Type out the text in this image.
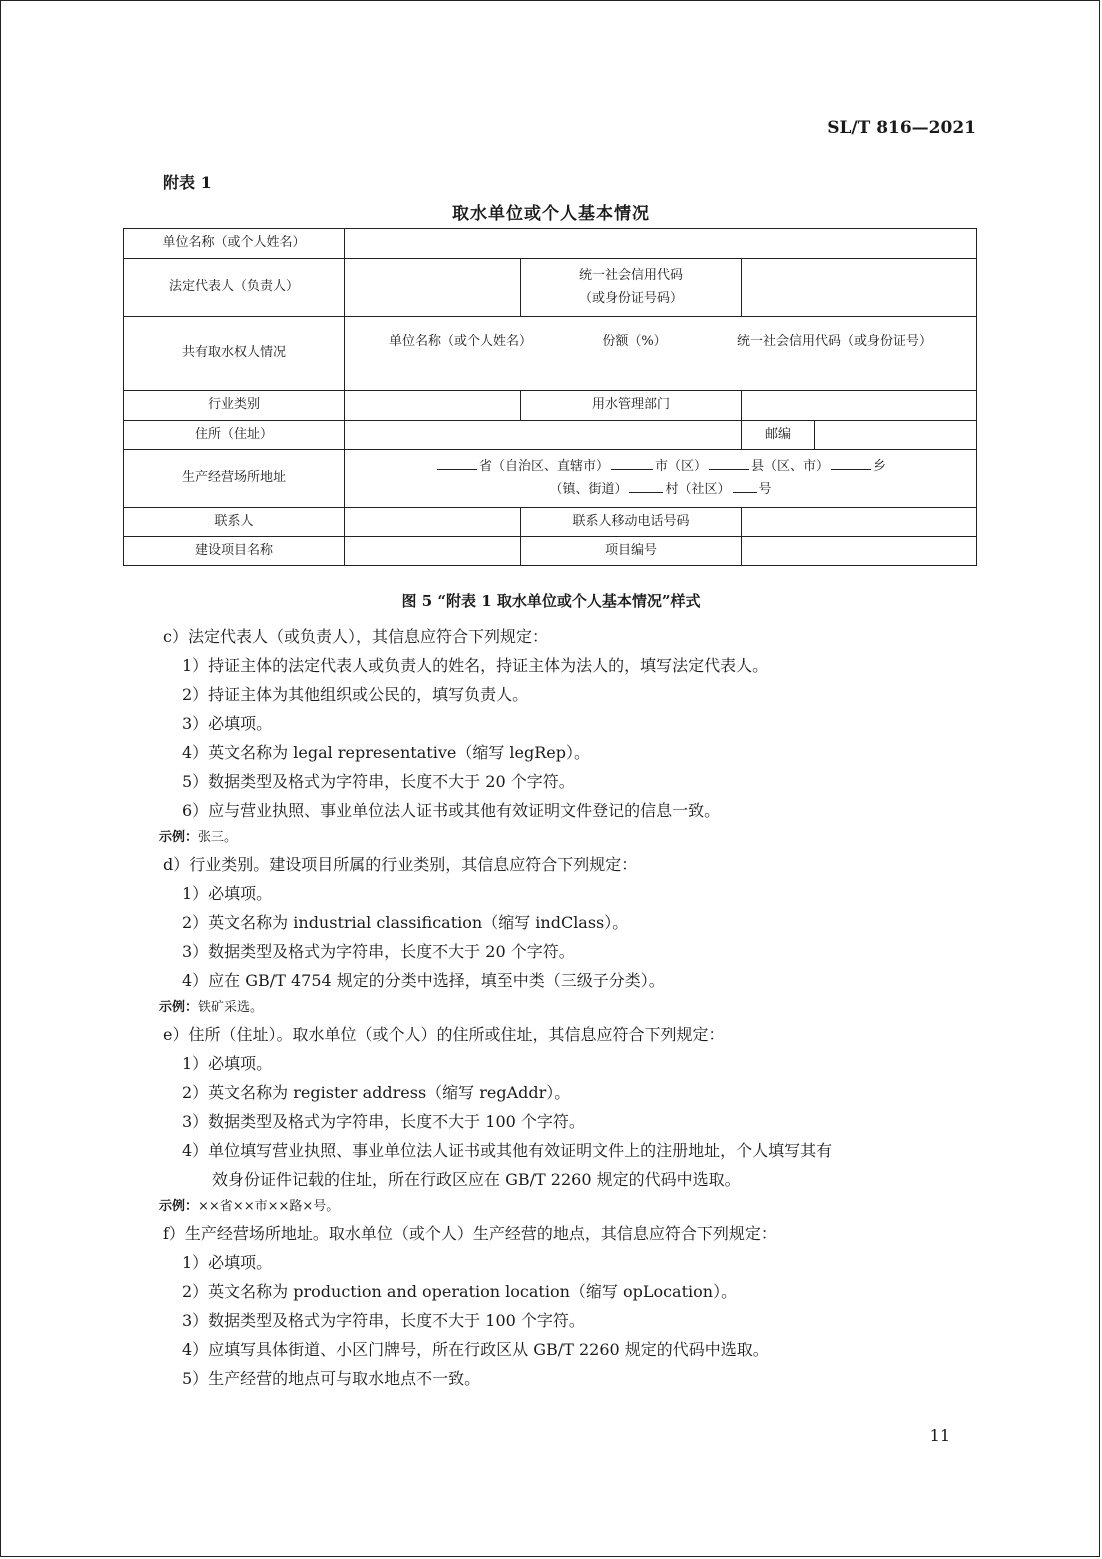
SL/T 816—2021
附表 1
取水单位或个人基本情况
单位名称（或个人姓名）				
法定代表人（负责人）		统一社会信用代码
（或身份证号码）		

共有取水权人情况	单位名称（或个人姓名） 份额（%） 统一社会信用代码（或身份证号）			

行业类别		用水管理部门		
住所（住址）			邮编	
生产经营场所地址	省（自治区、直辖市） 市（区） 县（区、市） 乡
（镇、街道） 村（社区） 号			

联系人		联系人移动电话号码		
建设项目名称		项目编号		
图 5 “附表 1 取水单位或个人基本情况”样式

c）法定代表人（或负责人），其信息应符合下列规定：

1）持证主体的法定代表人或负责人的姓名，持证主体为法人的，填写法定代表人。

2）持证主体为其他组织或公民的，填写负责人。

3）必填项。

4）英文名称为 legal representative（缩写 legRep）。

5）数据类型及格式为字符串，长度不大于 20 个字符。

6）应与营业执照、事业单位法人证书或其他有效证明文件登记的信息一致。

示例：张三。

d）行业类别。建设项目所属的行业类别，其信息应符合下列规定：

1）必填项。

2）英文名称为 industrial classification（缩写 indClass）。

3）数据类型及格式为字符串，长度不大于 20 个字符。

4）应在 GB/T 4754 规定的分类中选择，填至中类（三级子分类）。

示例：铁矿采选。

e）住所（住址）。取水单位（或个人）的住所或住址，其信息应符合下列规定：

1）必填项。

2）英文名称为 register address（缩写 regAddr）。

3）数据类型及格式为字符串，长度不大于 100 个字符。

4）单位填写营业执照、事业单位法人证书或其他有效证明文件上的注册地址，个人填写其有

效身份证件记载的住址，所在行政区应在 GB/T 2260 规定的代码中选取。

示例：××省××市××路×号。

f）生产经营场所地址。取水单位（或个人）生产经营的地点，其信息应符合下列规定：

1）必填项。

2）英文名称为 production and operation location（缩写 opLocation）。

3）数据类型及格式为字符串，长度不大于 100 个字符。

4）应填写具体街道、小区门牌号，所在行政区从 GB/T 2260 规定的代码中选取。

5）生产经营的地点可与取水地点不一致。

11
